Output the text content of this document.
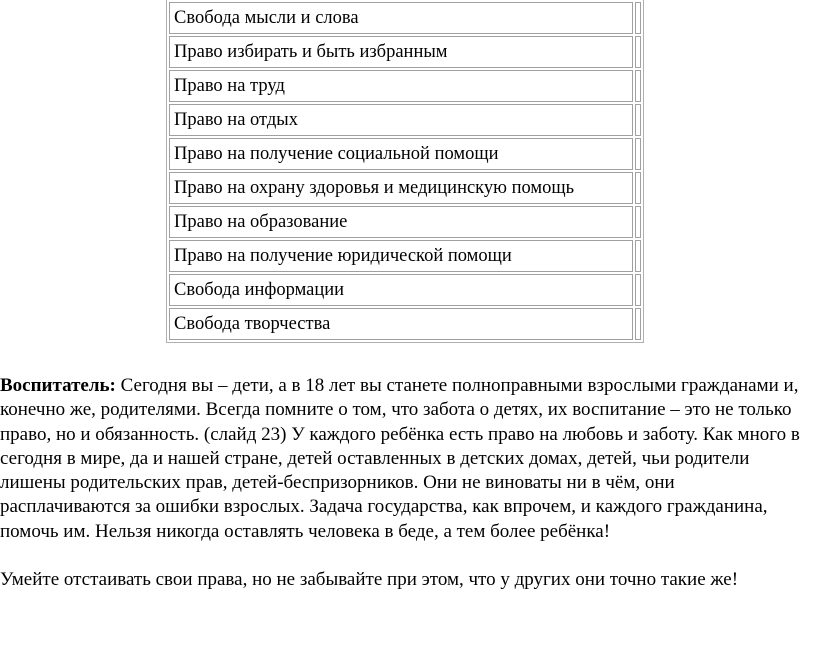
Свобода мысли и слова	
Право избирать и быть избранным	
Право на труд	
Право на отдых	
Право на получение социальной помощи	
Право на охрану здоровья и медицинскую помощь	
Право на образование	
Право на получение юридической помощи	
Свобода информации	
Свобода творчества	

Воспитатель: Сегодня вы – дети, а в 18 лет вы станете полноправными взрослыми гражданами и, конечно же, родителями. Всегда помните о том, что забота о детях, их воспитание – это не только право, но и обязанность. (слайд 23) У каждого ребёнка есть право на любовь и заботу. Как много в сегодня в мире, да и нашей стране, детей оставленных в детских домах, детей, чьи родители лишены родительских прав, детей-беспризорников. Они не виноваты ни в чём, они расплачиваются за ошибки взрослых. Задача государства, как впрочем, и каждого гражданина, помочь им. Нельзя никогда оставлять человека в беде, а тем более ребёнка!

Умейте отстаивать свои права, но не забывайте при этом, что у других они точно такие же!
